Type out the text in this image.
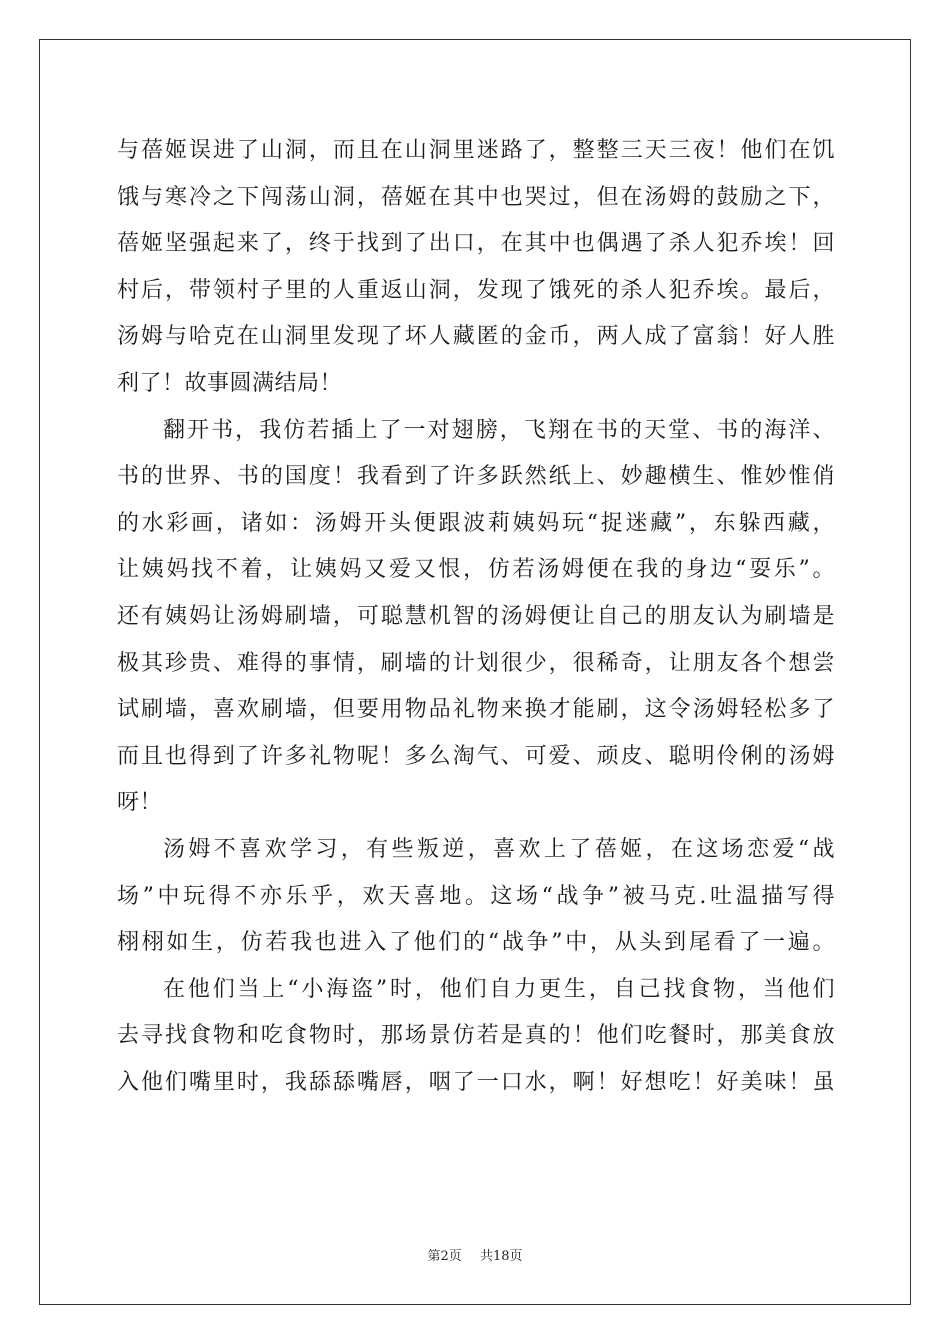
与蓓姬误进了山洞，而且在山洞里迷路了，整整三天三夜！他们在饥
饿与寒冷之下闯荡山洞，蓓姬在其中也哭过，但在汤姆的鼓励之下，
蓓姬坚强起来了，终于找到了出口，在其中也偶遇了杀人犯乔埃！回
村后，带领村子里的人重返山洞，发现了饿死的杀人犯乔埃。最后，
汤姆与哈克在山洞里发现了坏人藏匿的金币，两人成了富翁！好人胜
利了！故事圆满结局！
翻开书，我仿若插上了一对翅膀，飞翔在书的天堂、书的海洋、
书的世界、书的国度！我看到了许多跃然纸上、妙趣横生、惟妙惟俏
的水彩画，诸如：汤姆开头便跟波莉姨妈玩“捉迷藏”，东躲西藏，
让姨妈找不着，让姨妈又爱又恨，仿若汤姆便在我的身边“耍乐”。
还有姨妈让汤姆刷墙，可聪慧机智的汤姆便让自己的朋友认为刷墙是
极其珍贵、难得的事情，刷墙的计划很少，很稀奇，让朋友各个想尝
试刷墙，喜欢刷墙，但要用物品礼物来换才能刷，这令汤姆轻松多了
而且也得到了许多礼物呢！多么淘气、可爱、顽皮、聪明伶俐的汤姆
呀！
汤姆不喜欢学习，有些叛逆，喜欢上了蓓姬，在这场恋爱“战
场”中玩得不亦乐乎，欢天喜地。这场“战争”被马克.吐温描写得
栩栩如生，仿若我也进入了他们的“战争”中，从头到尾看了一遍。
在他们当上“小海盗”时，他们自力更生，自己找食物，当他们
去寻找食物和吃食物时，那场景仿若是真的！他们吃餐时，那美食放
入他们嘴里时，我舔舔嘴唇，咽了一口水，啊！好想吃！好美味！虽
第2页 共18页
